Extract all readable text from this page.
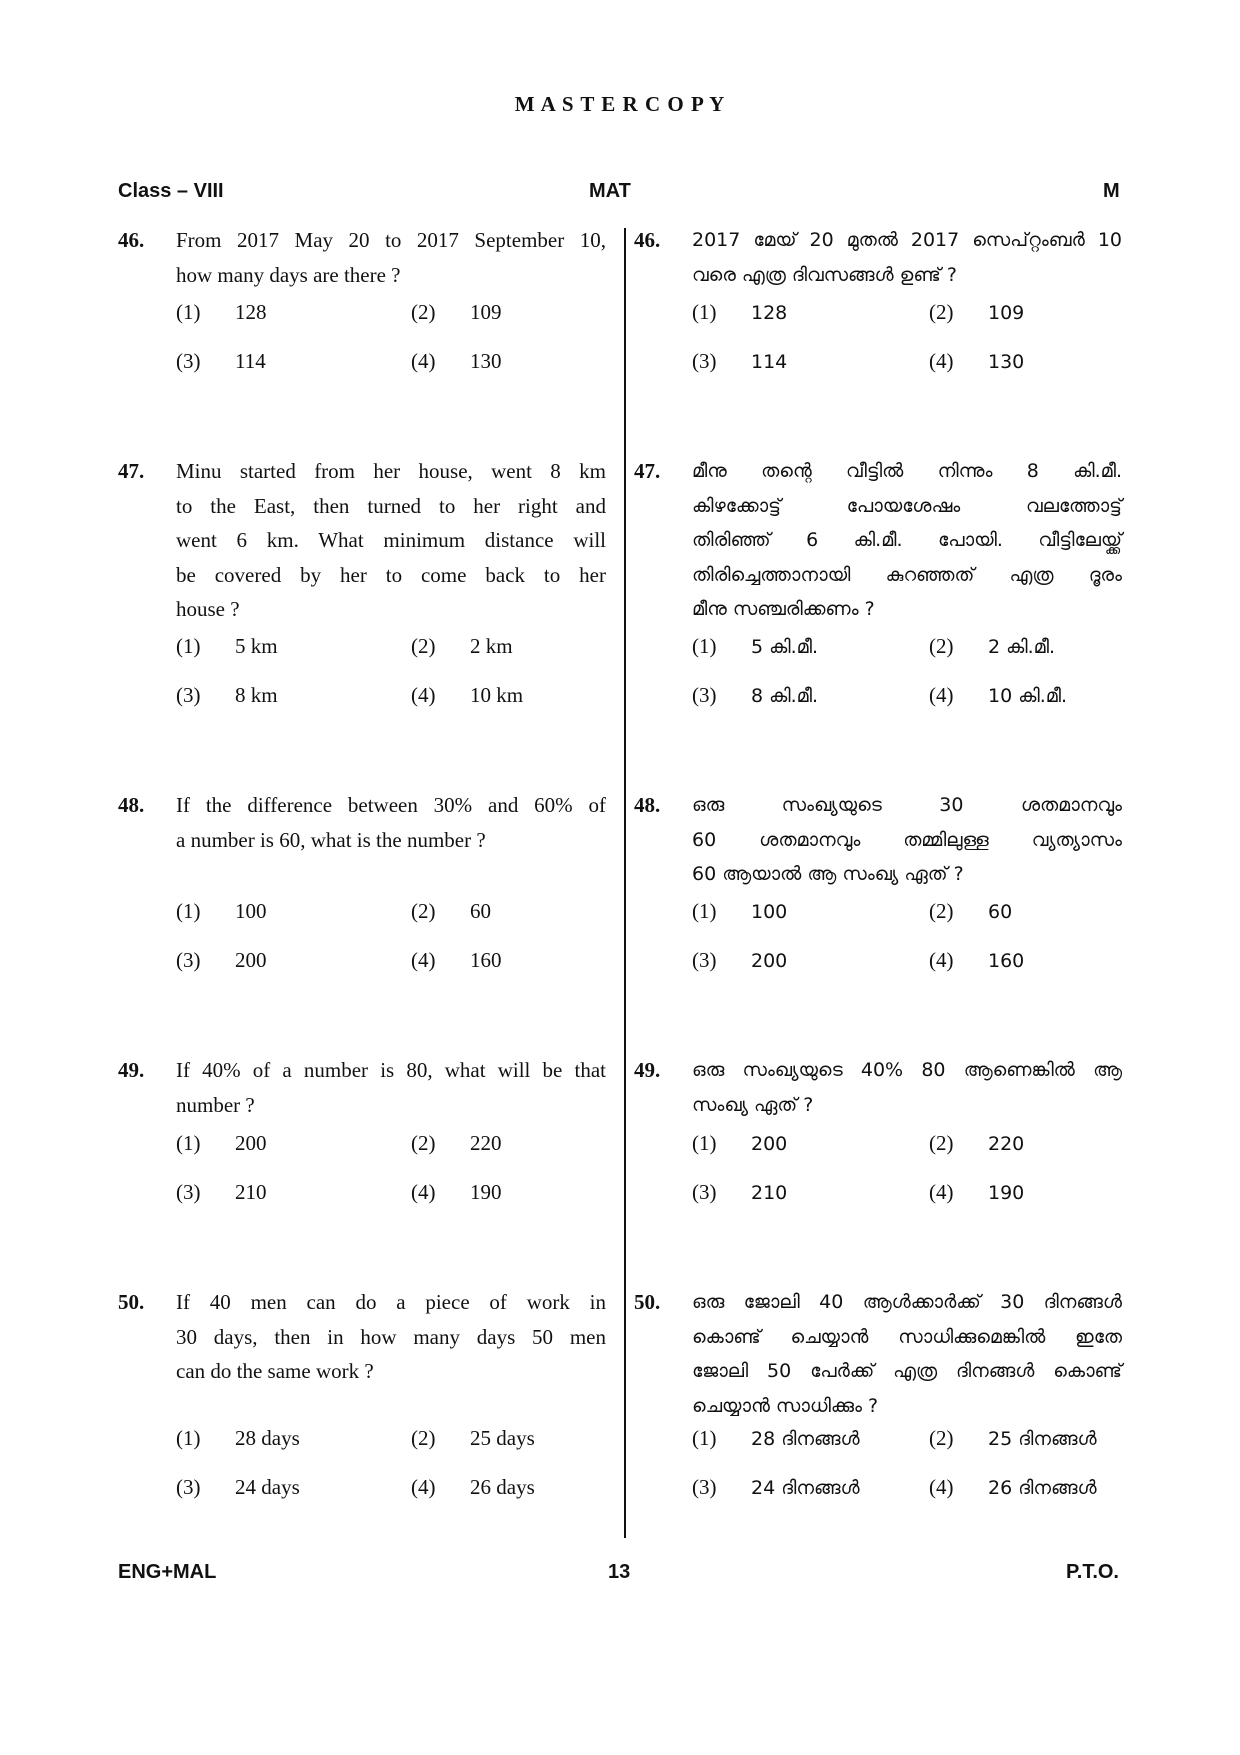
M A S T E R C O P Y
Class – VIII	MAT	M
46. From 2017 May 20 to 2017 September 10,
how many days are there ?
(1) 128	(2) 109
(3) 114	(4) 130
46. 2017 മേയ് 20 മുതൽ 2017 സെപ്റ്റംബർ 10
വരെ എത്ര ദിവസങ്ങൾ ഉണ്ട് ?
(1) 128	(2) 109
(3) 114	(4) 130
47. Minu started from her house, went 8 km
to the East, then turned to her right and
went 6 km. What minimum distance will
be covered by her to come back to her
house ?
(1) 5 km	(2) 2 km
(3) 8 km	(4) 10 km
47. മീനു തന്റെ വീട്ടിൽ നിന്നും 8 കി.മീ.
കിഴക്കോട്ട് പോയശേഷം വലത്തോട്ട്
തിരിഞ്ഞ് 6 കി.മീ. പോയി. വീട്ടിലേയ്ക്ക്
തിരിച്ചെത്താനായി കുറഞ്ഞത് എത്ര ദൂരം
മീനു സഞ്ചരിക്കണം ?
(1) 5 കി.മീ.	(2) 2 കി.മീ.
(3) 8 കി.മീ.	(4) 10 കി.മീ.
48. If the difference between 30% and 60% of
a number is 60, what is the number ?
(1) 100	(2) 60
(3) 200	(4) 160
48. ഒരു സംഖ്യയുടെ 30 ശതമാനവും
60 ശതമാനവും തമ്മിലുള്ള വ്യത്യാസം
60 ആയാൽ ആ സംഖ്യ ഏത് ?
(1) 100	(2) 60
(3) 200	(4) 160
49. If 40% of a number is 80, what will be that
number ?
(1) 200	(2) 220
(3) 210	(4) 190
49. ഒരു സംഖ്യയുടെ 40% 80 ആണെങ്കിൽ ആ
സംഖ്യ ഏത് ?
(1) 200	(2) 220
(3) 210	(4) 190
50. If 40 men can do a piece of work in
30 days, then in how many days 50 men
can do the same work ?
(1) 28 days	(2) 25 days
(3) 24 days	(4) 26 days
50. ഒരു ജോലി 40 ആൾക്കാർക്ക് 30 ദിനങ്ങൾ
കൊണ്ട് ചെയ്യാൻ സാധിക്കുമെങ്കിൽ ഇതേ
ജോലി 50 പേർക്ക് എത്ര ദിനങ്ങൾ കൊണ്ട്
ചെയ്യാൻ സാധിക്കും ?
(1) 28 ദിനങ്ങൾ	(2) 25 ദിനങ്ങൾ
(3) 24 ദിനങ്ങൾ	(4) 26 ദിനങ്ങൾ
ENG+MAL	13	P.T.O.
